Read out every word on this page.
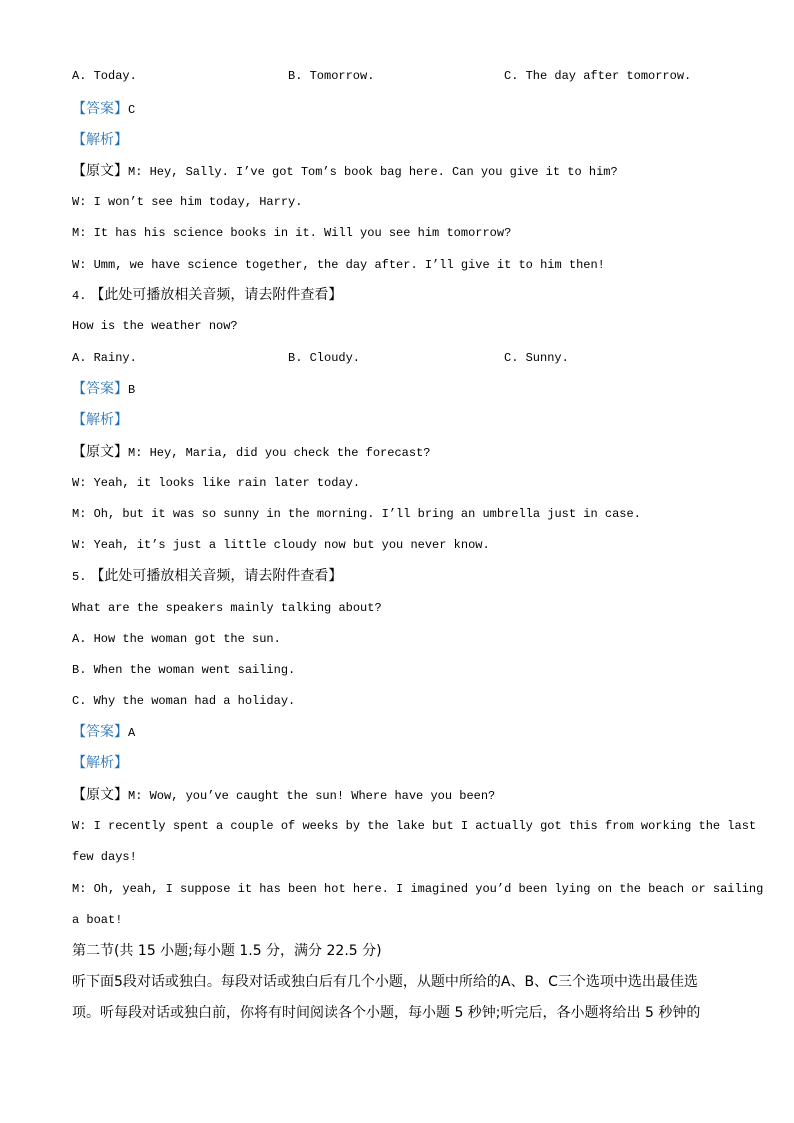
A. Today.	B. Tomorrow.	C. The day after tomorrow.
【答案】C
【解析】
【原文】M: Hey, Sally. I’ve got Tom’s book bag here. Can you give it to him?
W: I won’t see him today, Harry.
M: It has his science books in it. Will you see him tomorrow?
W: Umm, we have science together, the day after. I’ll give it to him then!
4. 【此处可播放相关音频，请去附件查看】
How is the weather now?
A. Rainy.	B. Cloudy.	C. Sunny.
【答案】B
【解析】
【原文】M: Hey, Maria, did you check the forecast?
W: Yeah, it looks like rain later today.
M: Oh, but it was so sunny in the morning. I’ll bring an umbrella just in case.
W: Yeah, it’s just a little cloudy now but you never know.
5. 【此处可播放相关音频，请去附件查看】
What are the speakers mainly talking about?
A. How the woman got the sun.
B. When the woman went sailing.
C. Why the woman had a holiday.
【答案】A
【解析】
【原文】M: Wow, you’ve caught the sun! Where have you been?
W: I recently spent a couple of weeks by the lake but I actually got this from working the last
few days!
M: Oh, yeah, I suppose it has been hot here. I imagined you’d been lying on the beach or sailing
a boat!
第二节(共 15 小题;每小题 1.5 分，满分 22.5 分)
听下面5段对话或独白。每段对话或独白后有几个小题，从题中所给的A、B、C三个选项中选出最佳选
项。听每段对话或独白前，你将有时间阅读各个小题，每小题 5 秒钟;听完后，各小题将给出 5 秒钟的
